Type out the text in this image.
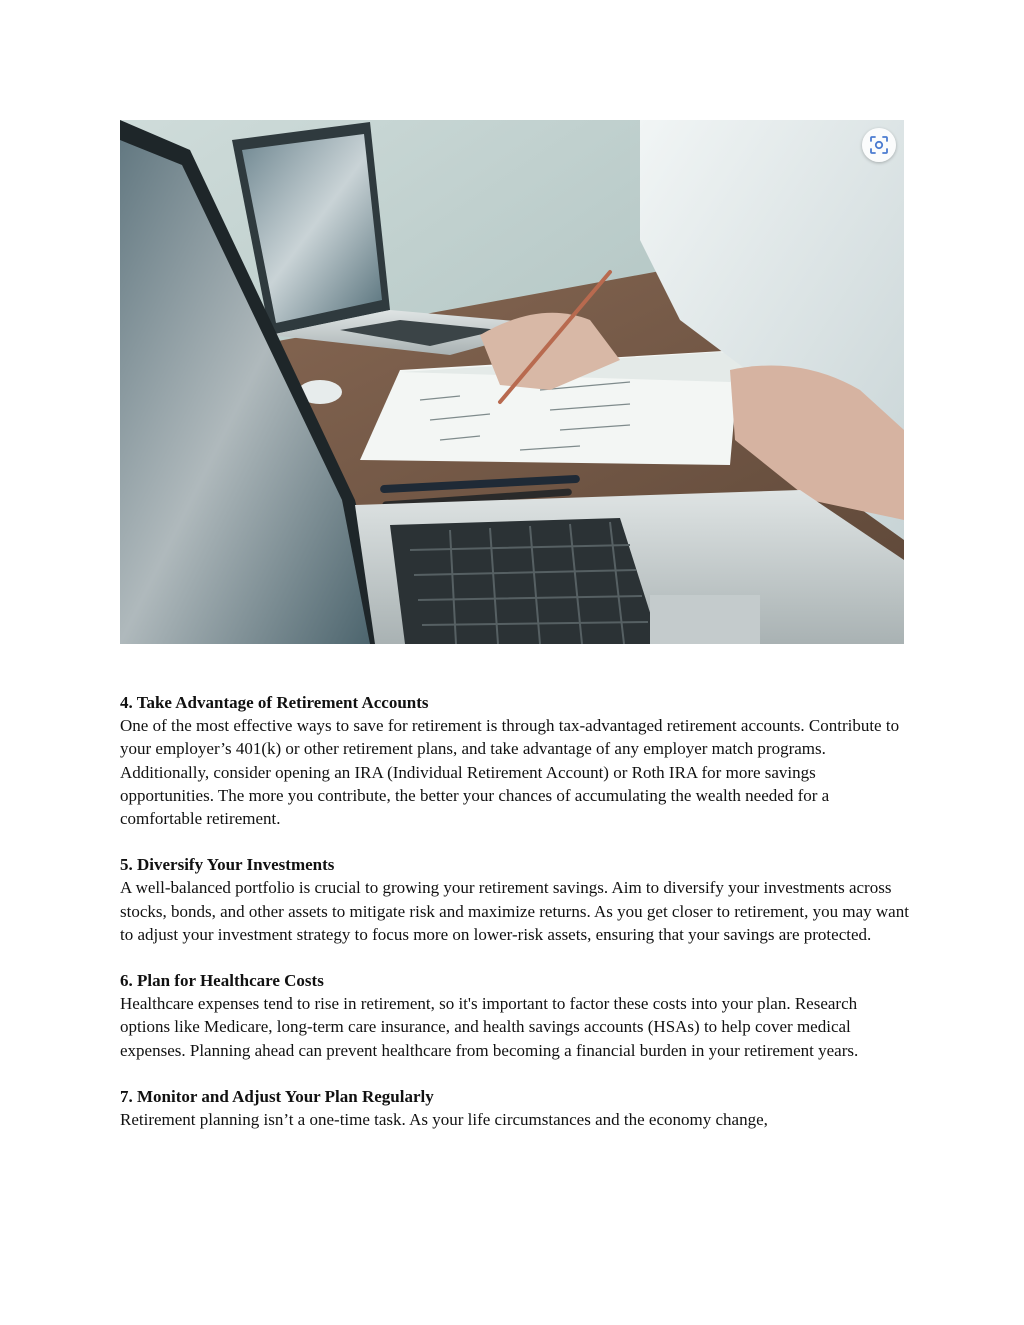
4. Take Advantage of Retirement Accounts

One of the most effective ways to save for retirement is through tax-advantaged retirement accounts. Contribute to your employer’s 401(k) or other retirement plans, and take advantage of any employer match programs. Additionally, consider opening an IRA (Individual Retirement Account) or Roth IRA for more savings opportunities. The more you contribute, the better your chances of accumulating the wealth needed for a comfortable retirement.

5. Diversify Your Investments

A well-balanced portfolio is crucial to growing your retirement savings. Aim to diversify your investments across stocks, bonds, and other assets to mitigate risk and maximize returns. As you get closer to retirement, you may want to adjust your investment strategy to focus more on lower-risk assets, ensuring that your savings are protected.

6. Plan for Healthcare Costs

Healthcare expenses tend to rise in retirement, so it's important to factor these costs into your plan. Research options like Medicare, long-term care insurance, and health savings accounts (HSAs) to help cover medical expenses. Planning ahead can prevent healthcare from becoming a financial burden in your retirement years.

7. Monitor and Adjust Your Plan Regularly

Retirement planning isn’t a one-time task. As your life circumstances and the economy change,
